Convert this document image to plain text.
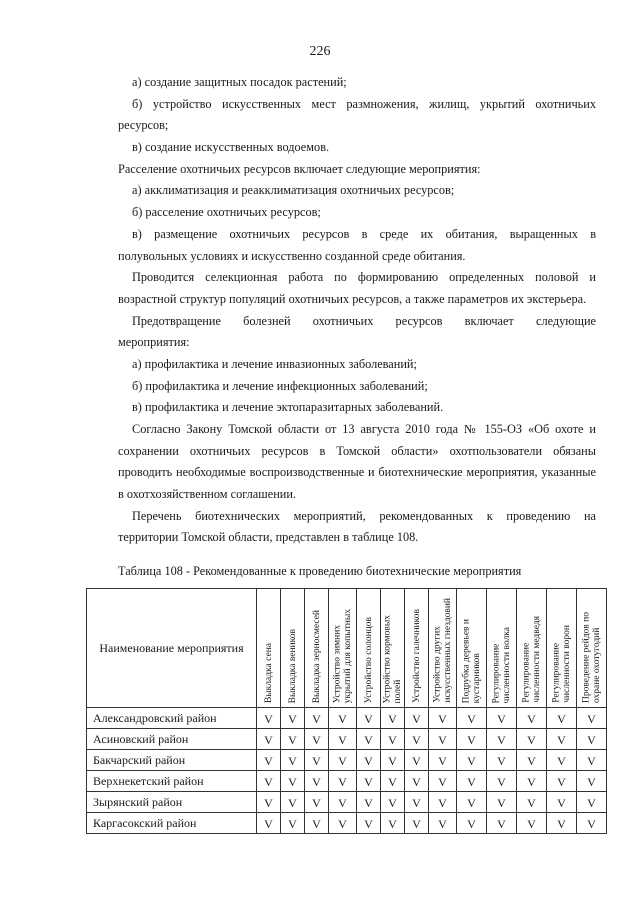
226
а) создание защитных посадок растений;
б) устройство искусственных мест размножения, жилищ, укрытий охотничьих
ресурсов;
в) создание искусственных водоемов.
Расселение охотничьих ресурсов включает следующие мероприятия:
а) акклиматизация и реакклиматизация охотничьих ресурсов;
б) расселение охотничьих ресурсов;
в) размещение охотничьих ресурсов в среде их обитания, выращенных в
полувольных условиях и искусственно созданной среде обитания.
Проводится селекционная работа по формированию определенных половой и
возрастной структур популяций охотничьих ресурсов, а также параметров их экстерьера.
Предотвращение болезней охотничьих ресурсов включает следующие
мероприятия:
а) профилактика и лечение инвазионных заболеваний;
б) профилактика и лечение инфекционных заболеваний;
в) профилактика и лечение эктопаразитарных заболеваний.
Согласно Закону Томской области от 13 августа 2010 года № 155-ОЗ «Об охоте и
сохранении охотничьих ресурсов в Томской области» охотпользователи обязаны
проводить необходимые воспроизводственные и биотехнические мероприятия, указанные
в охотхозяйственном соглашении.
Перечень биотехнических мероприятий, рекомендованных к проведению на
территории Томской области, представлен в таблице 108.
Таблица 108 - Рекомендованные к проведению биотехнические мероприятия
Наименование мероприятия	Выкладка сена	Выкладка веников	Выкладка зерносмесей	Устройство зимних
укрытий для копытных	Устройство солонцов	Устройство кормовых
полей	Устройство галечников	Устройство других
искусственных гнездовий	Подрубка деревьев и
кустарников	Регулирование
численности волка	Регулирование
численности медведя	Регулирование
численности ворон	Проведение рейдов по
охране охотугодий

Александровский район	V	V	V	V	V	V	V	V	V	V	V	V	V
Асиновский район	V	V	V	V	V	V	V	V	V	V	V	V	V
Бакчарский район	V	V	V	V	V	V	V	V	V	V	V	V	V
Верхнекетский район	V	V	V	V	V	V	V	V	V	V	V	V	V
Зырянский район	V	V	V	V	V	V	V	V	V	V	V	V	V
Каргасокский район	V	V	V	V	V	V	V	V	V	V	V	V	V
